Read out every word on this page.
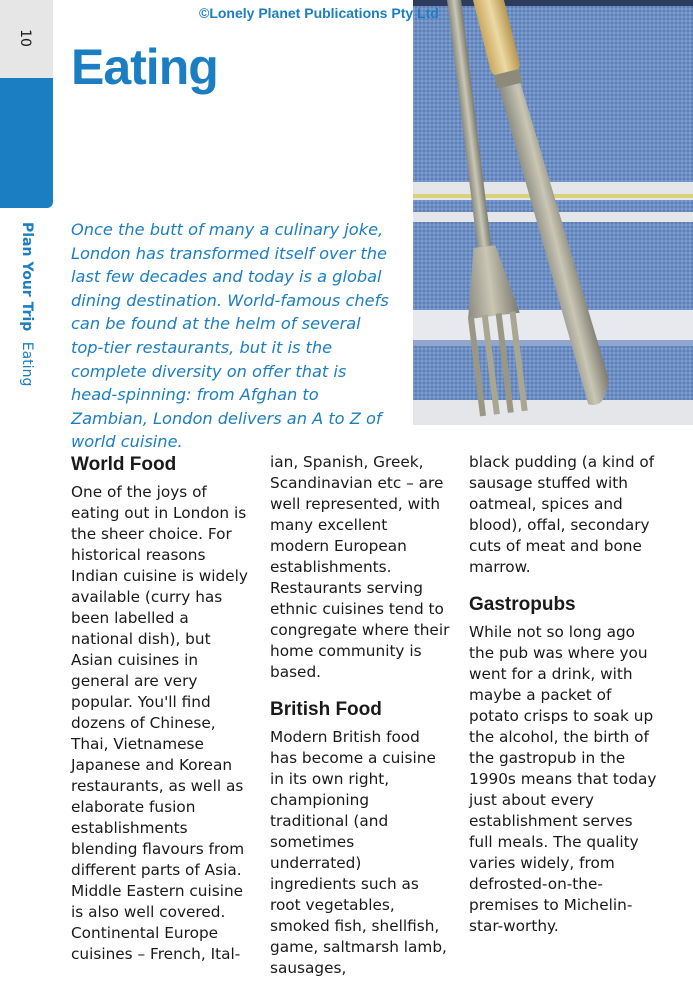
10
Plan Your Trip Eating
©Lonely Planet Publications Pty Ltd
Eating
Once the butt of many a culinary joke, London has transformed itself over the last few decades and today is a global dining destination. World-famous chefs can be found at the helm of several top-tier restaurants, but it is the complete diversity on offer that is head-spinning: from Afghan to Zambian, London delivers an A to Z of world cuisine.
World Food

One of the joys of eating out in London is the sheer choice. For historical reasons Indian cuisine is widely available (curry has been labelled a national dish), but Asian cuisines in general are very popular. You'll find dozens of Chinese, Thai, Vietnamese Japanese and Korean restaurants, as well as elaborate fusion establishments blending flavours from different parts of Asia. Middle Eastern cuisine is also well covered. Continental Europe cuisines – French, Ital-

ian, Spanish, Greek, Scandinavian etc – are well represented, with many excellent modern European establishments. Restaurants serving ethnic cuisines tend to congregate where their home community is based.

British Food

Modern British food has become a cuisine in its own right, championing traditional (and sometimes underrated) ingredients such as root vegetables, smoked fish, shellfish, game, saltmarsh lamb, sausages,

black pudding (a kind of sausage stuffed with oatmeal, spices and blood), offal, secondary cuts of meat and bone marrow.

Gastropubs

While not so long ago the pub was where you went for a drink, with maybe a packet of potato crisps to soak up the alcohol, the birth of the gastropub in the 1990s means that today just about every establishment serves full meals. The quality varies widely, from defrosted-on-the-premises to Michelin-star-worthy.
